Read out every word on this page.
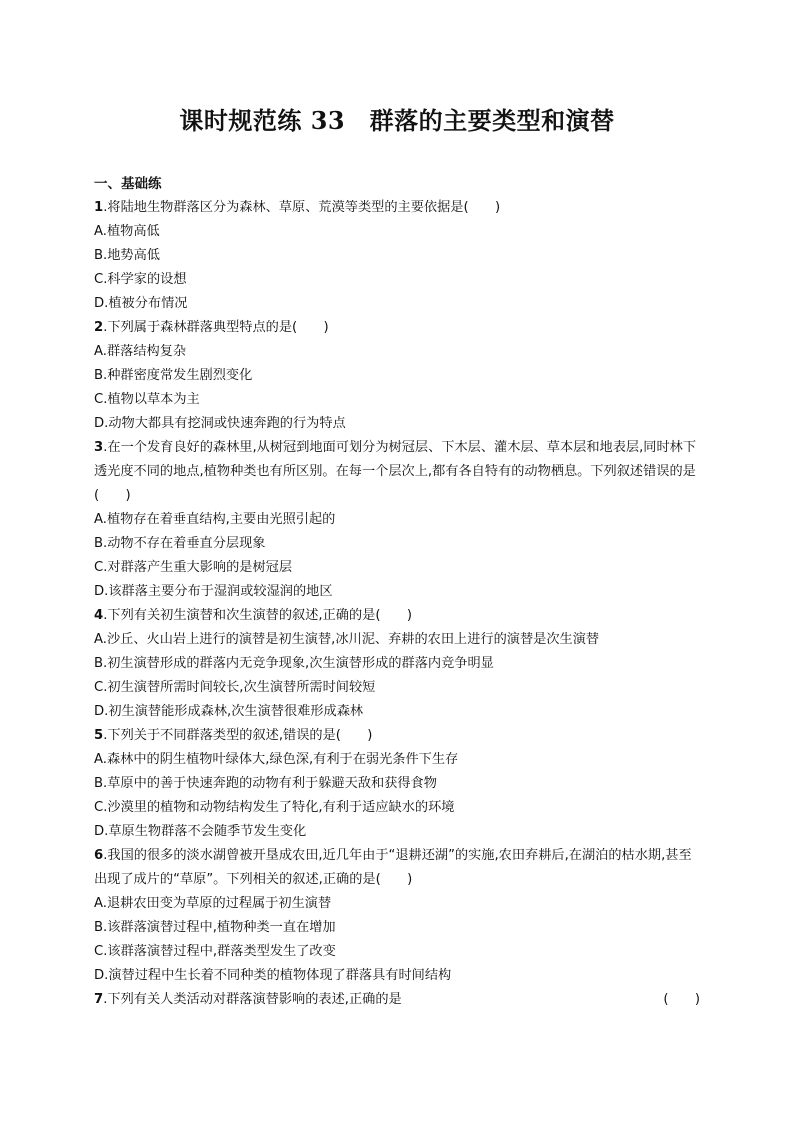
课时规范练 33　群落的主要类型和演替
一、基础练
1.将陆地生物群落区分为森林、草原、荒漠等类型的主要依据是(　　)
A.植物高低
B.地势高低
C.科学家的设想
D.植被分布情况
2.下列属于森林群落典型特点的是(　　)
A.群落结构复杂
B.种群密度常发生剧烈变化
C.植物以草本为主
D.动物大都具有挖洞或快速奔跑的行为特点
3.在一个发育良好的森林里,从树冠到地面可划分为树冠层、下木层、灌木层、草本层和地表层,同时林下透光度不同的地点,植物种类也有所区别。在每一个层次上,都有各自特有的动物栖息。下列叙述错误的是(　　)
A.植物存在着垂直结构,主要由光照引起的
B.动物不存在着垂直分层现象
C.对群落产生重大影响的是树冠层
D.该群落主要分布于湿润或较湿润的地区
4.下列有关初生演替和次生演替的叙述,正确的是(　　)
A.沙丘、火山岩上进行的演替是初生演替,冰川泥、弃耕的农田上进行的演替是次生演替
B.初生演替形成的群落内无竞争现象,次生演替形成的群落内竞争明显
C.初生演替所需时间较长,次生演替所需时间较短
D.初生演替能形成森林,次生演替很难形成森林
5.下列关于不同群落类型的叙述,错误的是(　　)
A.森林中的阴生植物叶绿体大,绿色深,有利于在弱光条件下生存
B.草原中的善于快速奔跑的动物有利于躲避天敌和获得食物
C.沙漠里的植物和动物结构发生了特化,有利于适应缺水的环境
D.草原生物群落不会随季节发生变化
6.我国的很多的淡水湖曾被开垦成农田,近几年由于“退耕还湖”的实施,农田弃耕后,在湖泊的枯水期,甚至出现了成片的“草原”。下列相关的叙述,正确的是(　　)
A.退耕农田变为草原的过程属于初生演替
B.该群落演替过程中,植物种类一直在增加
C.该群落演替过程中,群落类型发生了改变
D.演替过程中生长着不同种类的植物体现了群落具有时间结构
7.下列有关人类活动对群落演替影响的表述,正确的是	(　　)
